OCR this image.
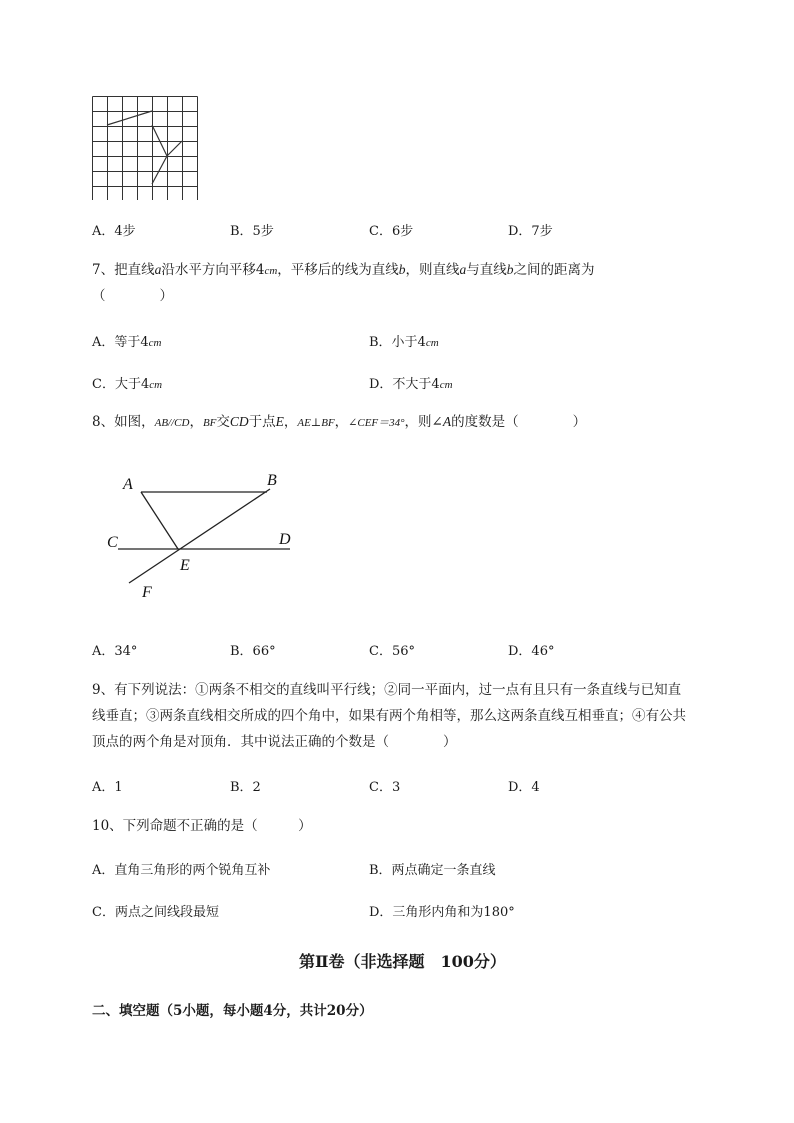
A．4步	B．5步	C．6步	D．7步
7、把直线a沿水平方向平移4cm，平移后的线为直线b，则直线a与直线b之间的距离为
（　　　　）
A．等于4cm	B．小于4cm
C．大于4cm	D．不大于4cm
8、如图，AB//CD，BF交CD于点E，AE⊥BF，∠CEF＝34°，则∠A的度数是（　　　　）
A	B
C	D
E
F
A．34°	B．66°	C．56°	D．46°
9、有下列说法：①两条不相交的直线叫平行线；②同一平面内，过一点有且只有一条直线与已知直
线垂直；③两条直线相交所成的四个角中，如果有两个角相等，那么这两条直线互相垂直；④有公共
顶点的两个角是对顶角．其中说法正确的个数是（　　　　）
A．1	B．2	C．3	D．4
10、下列命题不正确的是（　　　）
A．直角三角形的两个锐角互补	B．两点确定一条直线
C．两点之间线段最短	D．三角形内角和为180°
第Ⅱ卷（非选择题　100分）
二、填空题（5小题，每小题4分，共计20分）
